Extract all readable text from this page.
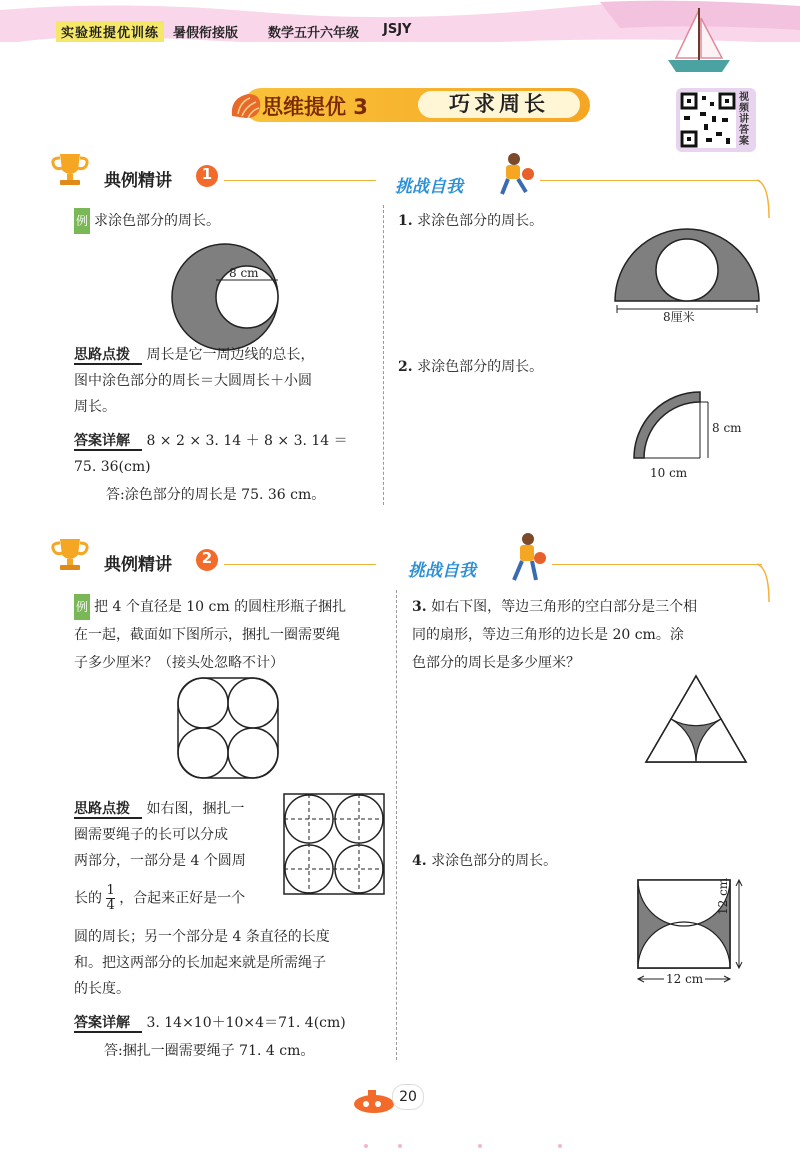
实验班提优训练	暑假衔接版 数学五升六年级 JSJY
思维提优 3	巧求周长	视频讲答案
典例精讲	1
挑战自我
例 求涂色部分的周长。
8 cm
思路点拨 周长是它一周边线的总长，
图中涂色部分的周长＝大圆周长＋小圆
周长。
答案详解 8 × 2 × 3. 14 ＋ 8 × 3. 14 ＝
75. 36(cm)
答:涂色部分的周长是 75. 36 cm。
1. 求涂色部分的周长。
8厘米
2. 求涂色部分的周长。
8 cm
10 cm
典例精讲	2
挑战自我
例 把 4 个直径是 10 cm 的圆柱形瓶子捆扎
在一起，截面如下图所示，捆扎一圈需要绳
子多少厘米？（接头处忽略不计）
思路点拨 如右图，捆扎一
圈需要绳子的长可以分成
两部分，一部分是 4 个圆周
长的 $\frac{1}{4}$ ，合起来正好是一个
圆的周长；另一个部分是 4 条直径的长度
和。把这两部分的长加起来就是所需绳子
的长度。
答案详解 3. 14×10＋10×4＝71. 4(cm)
答:捆扎一圈需要绳子 71. 4 cm。
3. 如右下图，等边三角形的空白部分是三个相
同的扇形，等边三角形的边长是 20 cm。涂
色部分的周长是多少厘米？
4. 求涂色部分的周长。
12 cm
12 cm
20
